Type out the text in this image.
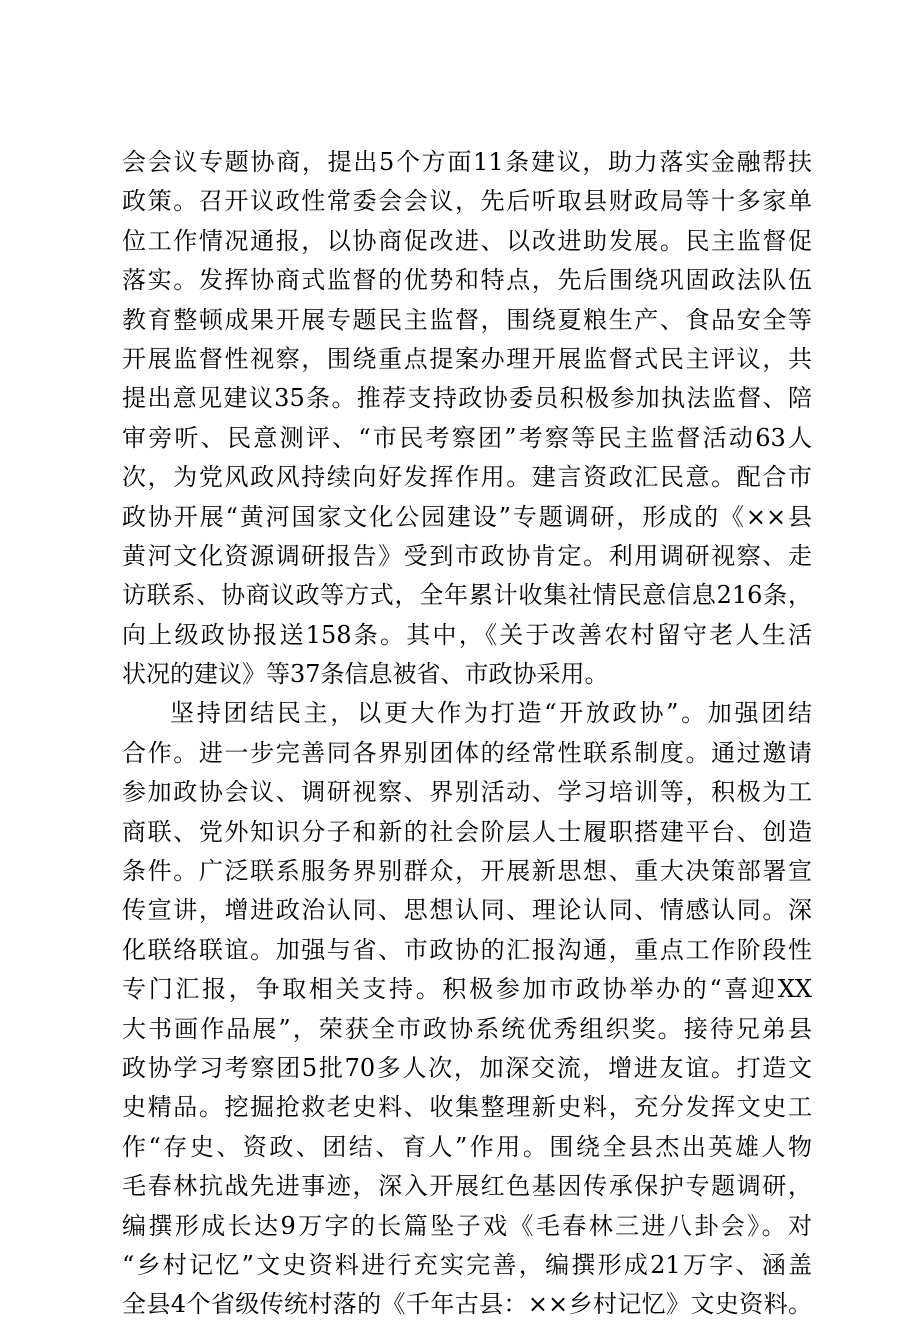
会会议专题协商，提出5个方面11条建议，助力落实金融帮扶
政策。召开议政性常委会会议，先后听取县财政局等十多家单
位工作情况通报，以协商促改进、以改进助发展。民主监督促
落实。发挥协商式监督的优势和特点，先后围绕巩固政法队伍
教育整顿成果开展专题民主监督，围绕夏粮生产、食品安全等
开展监督性视察，围绕重点提案办理开展监督式民主评议，共
提出意见建议35条。推荐支持政协委员积极参加执法监督、陪
审旁听、民意测评、“市民考察团”考察等民主监督活动63人
次，为党风政风持续向好发挥作用。建言资政汇民意。配合市
政协开展“黄河国家文化公园建设”专题调研，形成的《××县
黄河文化资源调研报告》受到市政协肯定。利用调研视察、走
访联系、协商议政等方式，全年累计收集社情民意信息216条，
向上级政协报送158条。其中，《关于改善农村留守老人生活
状况的建议》等37条信息被省、市政协采用。
坚持团结民主，以更大作为打造“开放政协”。加强团结
合作。进一步完善同各界别团体的经常性联系制度。通过邀请
参加政协会议、调研视察、界别活动、学习培训等，积极为工
商联、党外知识分子和新的社会阶层人士履职搭建平台、创造
条件。广泛联系服务界别群众，开展新思想、重大决策部署宣
传宣讲，增进政治认同、思想认同、理论认同、情感认同。深
化联络联谊。加强与省、市政协的汇报沟通，重点工作阶段性
专门汇报，争取相关支持。积极参加市政协举办的“喜迎XX
大书画作品展”，荣获全市政协系统优秀组织奖。接待兄弟县
政协学习考察团5批70多人次，加深交流，增进友谊。打造文
史精品。挖掘抢救老史料、收集整理新史料，充分发挥文史工
作“存史、资政、团结、育人”作用。围绕全县杰出英雄人物
毛春林抗战先进事迹，深入开展红色基因传承保护专题调研，
编撰形成长达9万字的长篇坠子戏《毛春林三进八卦会》。对
“乡村记忆”文史资料进行充实完善，编撰形成21万字、涵盖
全县4个省级传统村落的《千年古县：××乡村记忆》文史资料。
